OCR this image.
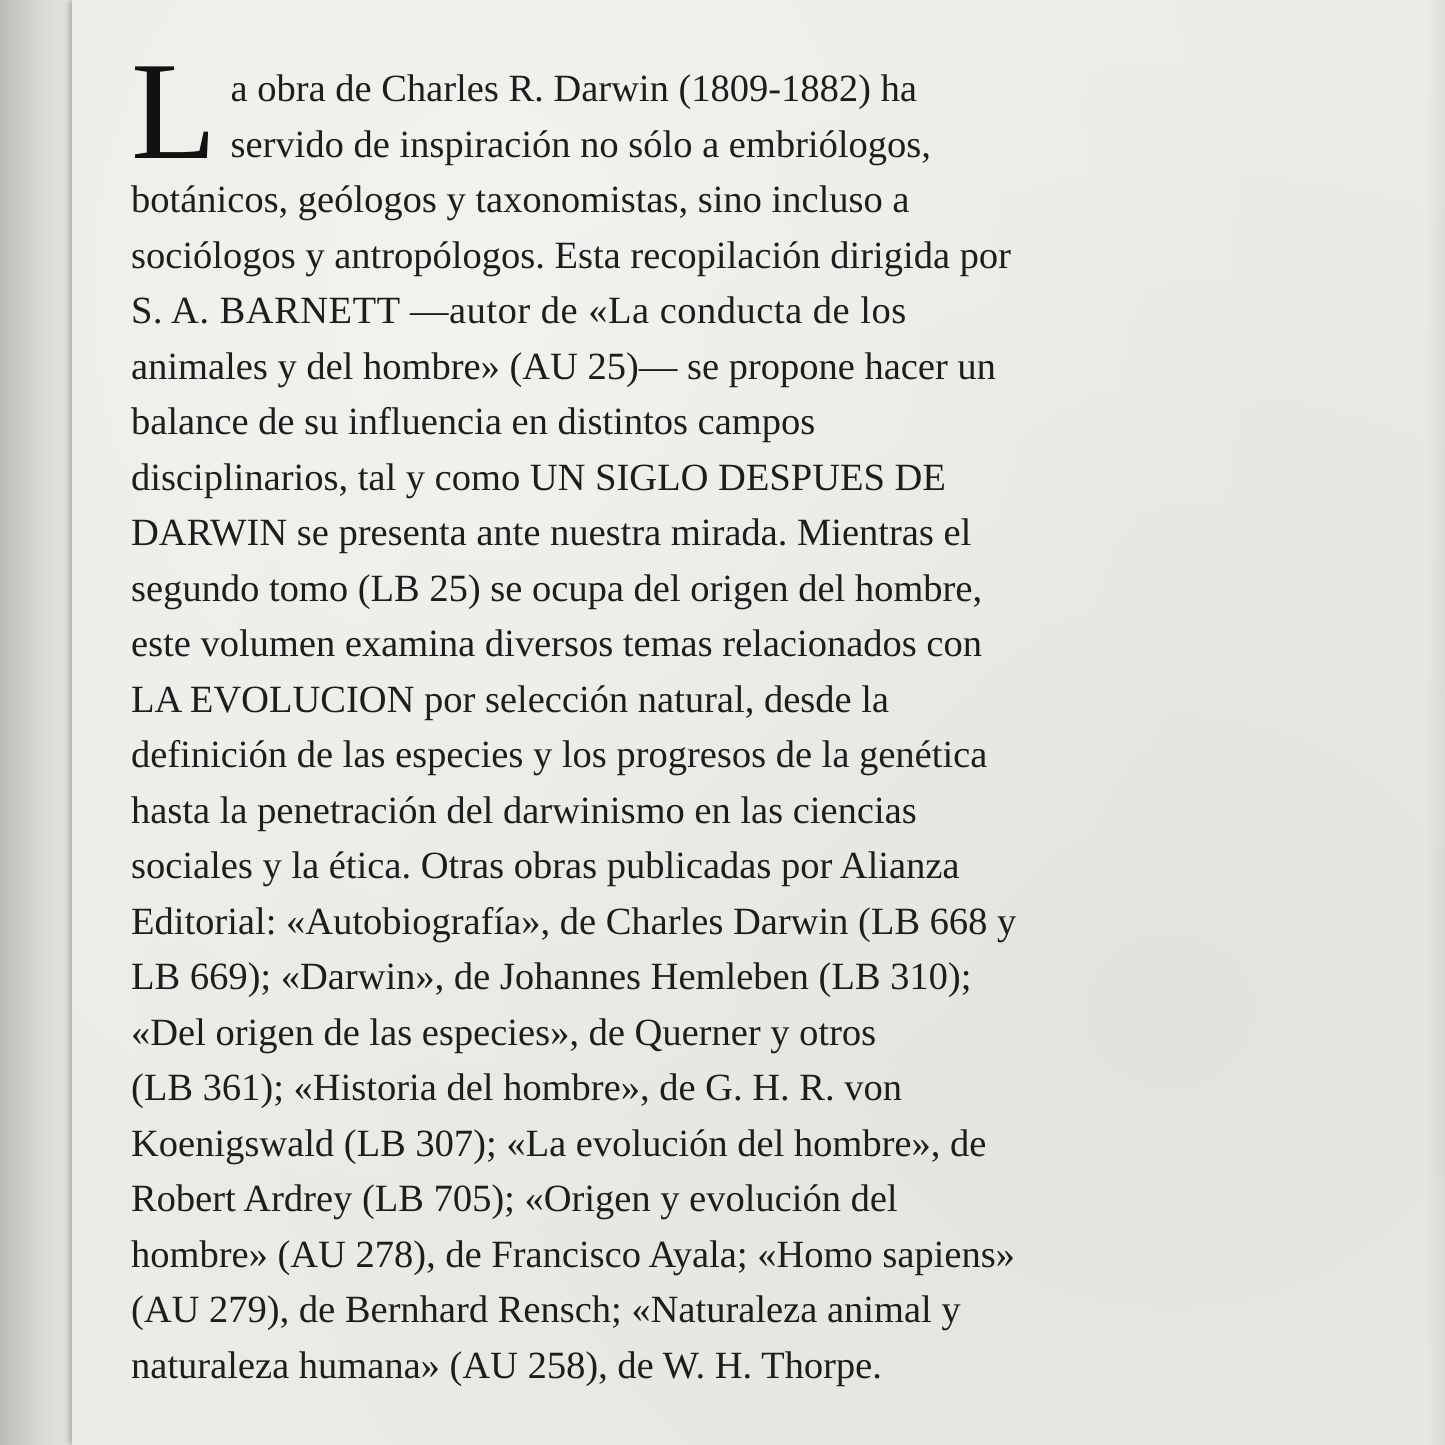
L a obra de Charles R. Darwin (1809-1882) ha
servido de inspiración no sólo a embriólogos,
botánicos, geólogos y taxonomistas, sino incluso a
sociólogos y antropólogos. Esta recopilación dirigida por
S. A. BARNETT —autor de «La conducta de los
animales y del hombre» (AU 25)— se propone hacer un
balance de su influencia en distintos campos
disciplinarios, tal y como UN SIGLO DESPUES DE
DARWIN se presenta ante nuestra mirada. Mientras el
segundo tomo (LB 25) se ocupa del origen del hombre,
este volumen examina diversos temas relacionados con
LA EVOLUCION por selección natural, desde la
definición de las especies y los progresos de la genética
hasta la penetración del darwinismo en las ciencias
sociales y la ética. Otras obras publicadas por Alianza
Editorial: «Autobiografía», de Charles Darwin (LB 668 y
LB 669); «Darwin», de Johannes Hemleben (LB 310);
«Del origen de las especies», de Querner y otros
(LB 361); «Historia del hombre», de G. H. R. von
Koenigswald (LB 307); «La evolución del hombre», de
Robert Ardrey (LB 705); «Origen y evolución del
hombre» (AU 278), de Francisco Ayala; «Homo sapiens»
(AU 279), de Bernhard Rensch; «Naturaleza animal y
naturaleza humana» (AU 258), de W. H. Thorpe.
